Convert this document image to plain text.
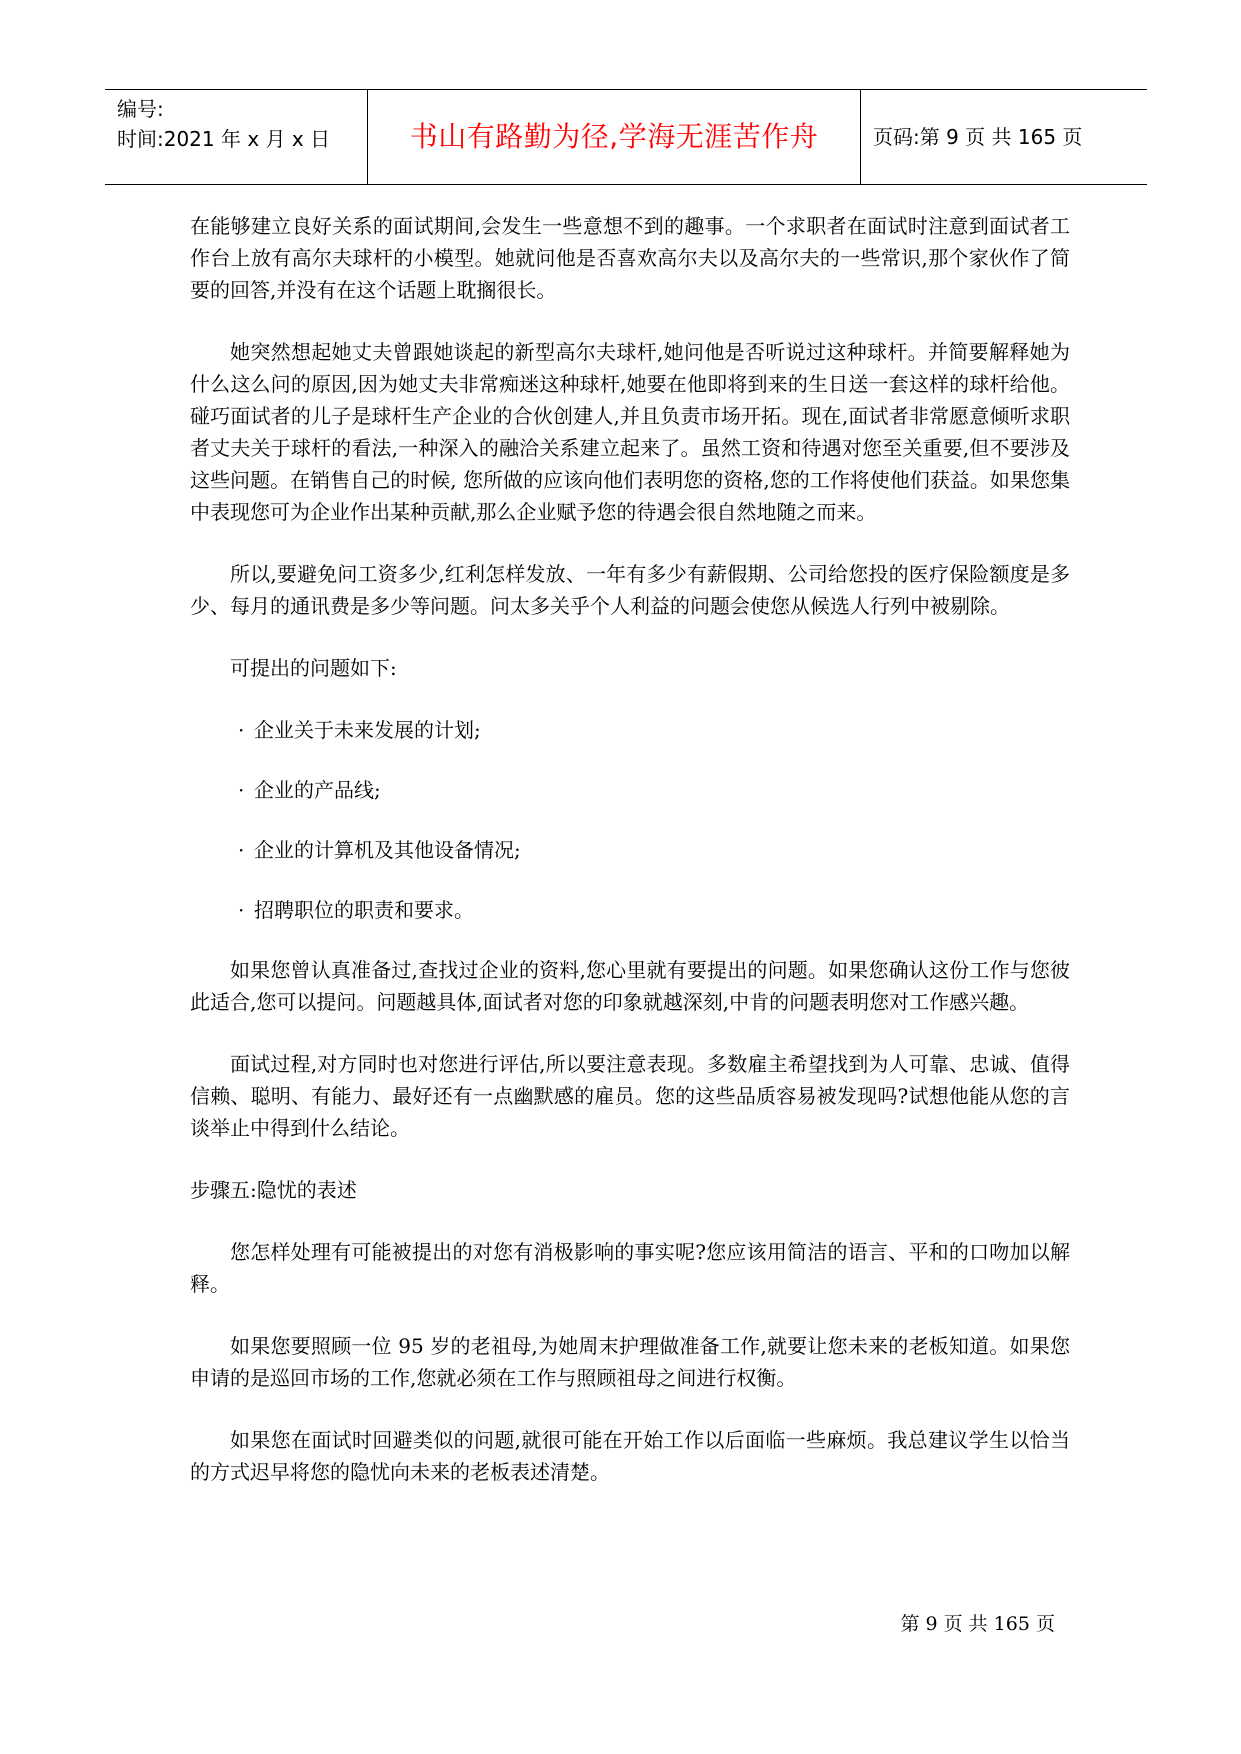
编号:
时间:2021 年 x 月 x 日	书山有路勤为径,学海无涯苦作舟	页码:第 9 页 共 165 页

在能够建立良好关系的面试期间,会发生一些意想不到的趣事。一个求职者在面试时注意到面试者工作台上放有高尔夫球杆的小模型。她就问他是否喜欢高尔夫以及高尔夫的一些常识,那个家伙作了简要的回答,并没有在这个话题上耽搁很长。

她突然想起她丈夫曾跟她谈起的新型高尔夫球杆,她问他是否听说过这种球杆。并简要解释她为什么这么问的原因,因为她丈夫非常痴迷这种球杆,她要在他即将到来的生日送一套这样的球杆给他。碰巧面试者的儿子是球杆生产企业的合伙创建人,并且负责市场开拓。现在,面试者非常愿意倾听求职者丈夫关于球杆的看法,一种深入的融洽关系建立起来了。虽然工资和待遇对您至关重要,但不要涉及这些问题。在销售自己的时候, 您所做的应该向他们表明您的资格,您的工作将使他们获益。如果您集中表现您可为企业作出某种贡献,那么企业赋予您的待遇会很自然地随之而来。

所以,要避免问工资多少,红利怎样发放、一年有多少有薪假期、公司给您投的医疗保险额度是多少、每月的通讯费是多少等问题。问太多关乎个人利益的问题会使您从候选人行列中被剔除。

可提出的问题如下:

· 企业关于未来发展的计划;

· 企业的产品线;

· 企业的计算机及其他设备情况;

· 招聘职位的职责和要求。

如果您曾认真准备过,查找过企业的资料,您心里就有要提出的问题。如果您确认这份工作与您彼此适合,您可以提问。问题越具体,面试者对您的印象就越深刻,中肯的问题表明您对工作感兴趣。

面试过程,对方同时也对您进行评估,所以要注意表现。多数雇主希望找到为人可靠、忠诚、值得信赖、聪明、有能力、最好还有一点幽默感的雇员。您的这些品质容易被发现吗?试想他能从您的言谈举止中得到什么结论。

步骤五:隐忧的表述

您怎样处理有可能被提出的对您有消极影响的事实呢?您应该用简洁的语言、平和的口吻加以解释。

如果您要照顾一位 95 岁的老祖母,为她周末护理做准备工作,就要让您未来的老板知道。如果您申请的是巡回市场的工作,您就必须在工作与照顾祖母之间进行权衡。

如果您在面试时回避类似的问题,就很可能在开始工作以后面临一些麻烦。我总建议学生以恰当的方式迟早将您的隐忧向未来的老板表述清楚。

第 9 页 共 165 页
